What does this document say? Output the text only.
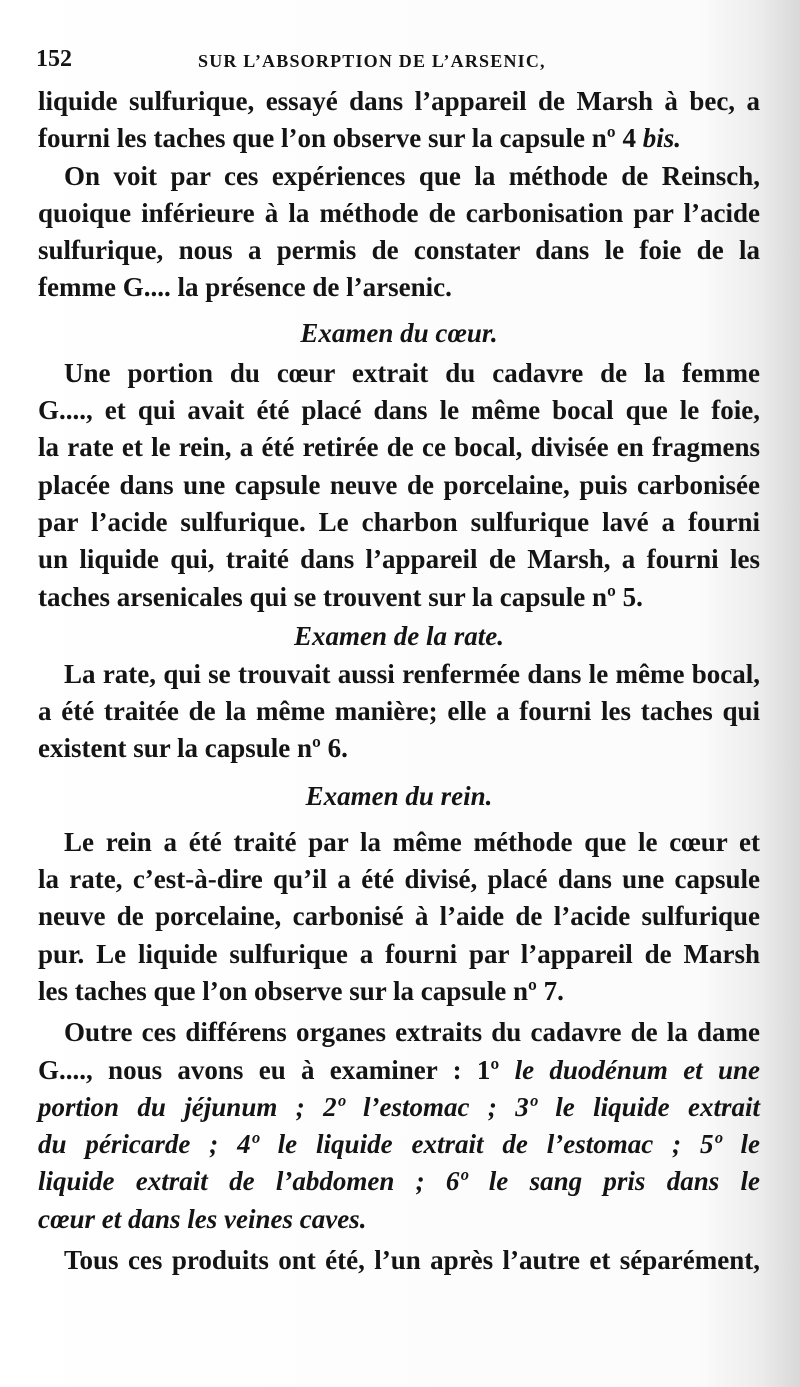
152	SUR L’ABSORPTION DE L’ARSENIC,
liquide sulfurique, essayé dans l’appareil de Marsh à bec, a
fourni les taches que l’on observe sur la capsule nº 4 bis.
On voit par ces expériences que la méthode de Reinsch,
quoique inférieure à la méthode de carbonisation par l’acide
sulfurique, nous a permis de constater dans le foie de la
femme G.... la présence de l’arsenic.
Examen du cœur.
Une portion du cœur extrait du cadavre de la femme
G...., et qui avait été placé dans le même bocal que le foie,
la rate et le rein, a été retirée de ce bocal, divisée en fragmens
placée dans une capsule neuve de porcelaine, puis carbonisée
par l’acide sulfurique. Le charbon sulfurique lavé a fourni
un liquide qui, traité dans l’appareil de Marsh, a fourni les
taches arsenicales qui se trouvent sur la capsule nº 5.
Examen de la rate.
La rate, qui se trouvait aussi renfermée dans le même bocal,
a été traitée de la même manière; elle a fourni les taches qui
existent sur la capsule nº 6.
Examen du rein.
Le rein a été traité par la même méthode que le cœur et
la rate, c’est-à-dire qu’il a été divisé, placé dans une capsule
neuve de porcelaine, carbonisé à l’aide de l’acide sulfurique
pur. Le liquide sulfurique a fourni par l’appareil de Marsh
les taches que l’on observe sur la capsule nº 7.
Outre ces différens organes extraits du cadavre de la dame
G...., nous avons eu à examiner : 1º le duodénum et une
portion du jéjunum ; 2º l’estomac ; 3º le liquide extrait
du péricarde ; 4º le liquide extrait de l’estomac ; 5º le
liquide extrait de l’abdomen ; 6º le sang pris dans le
cœur et dans les veines caves.
Tous ces produits ont été, l’un après l’autre et séparément,
